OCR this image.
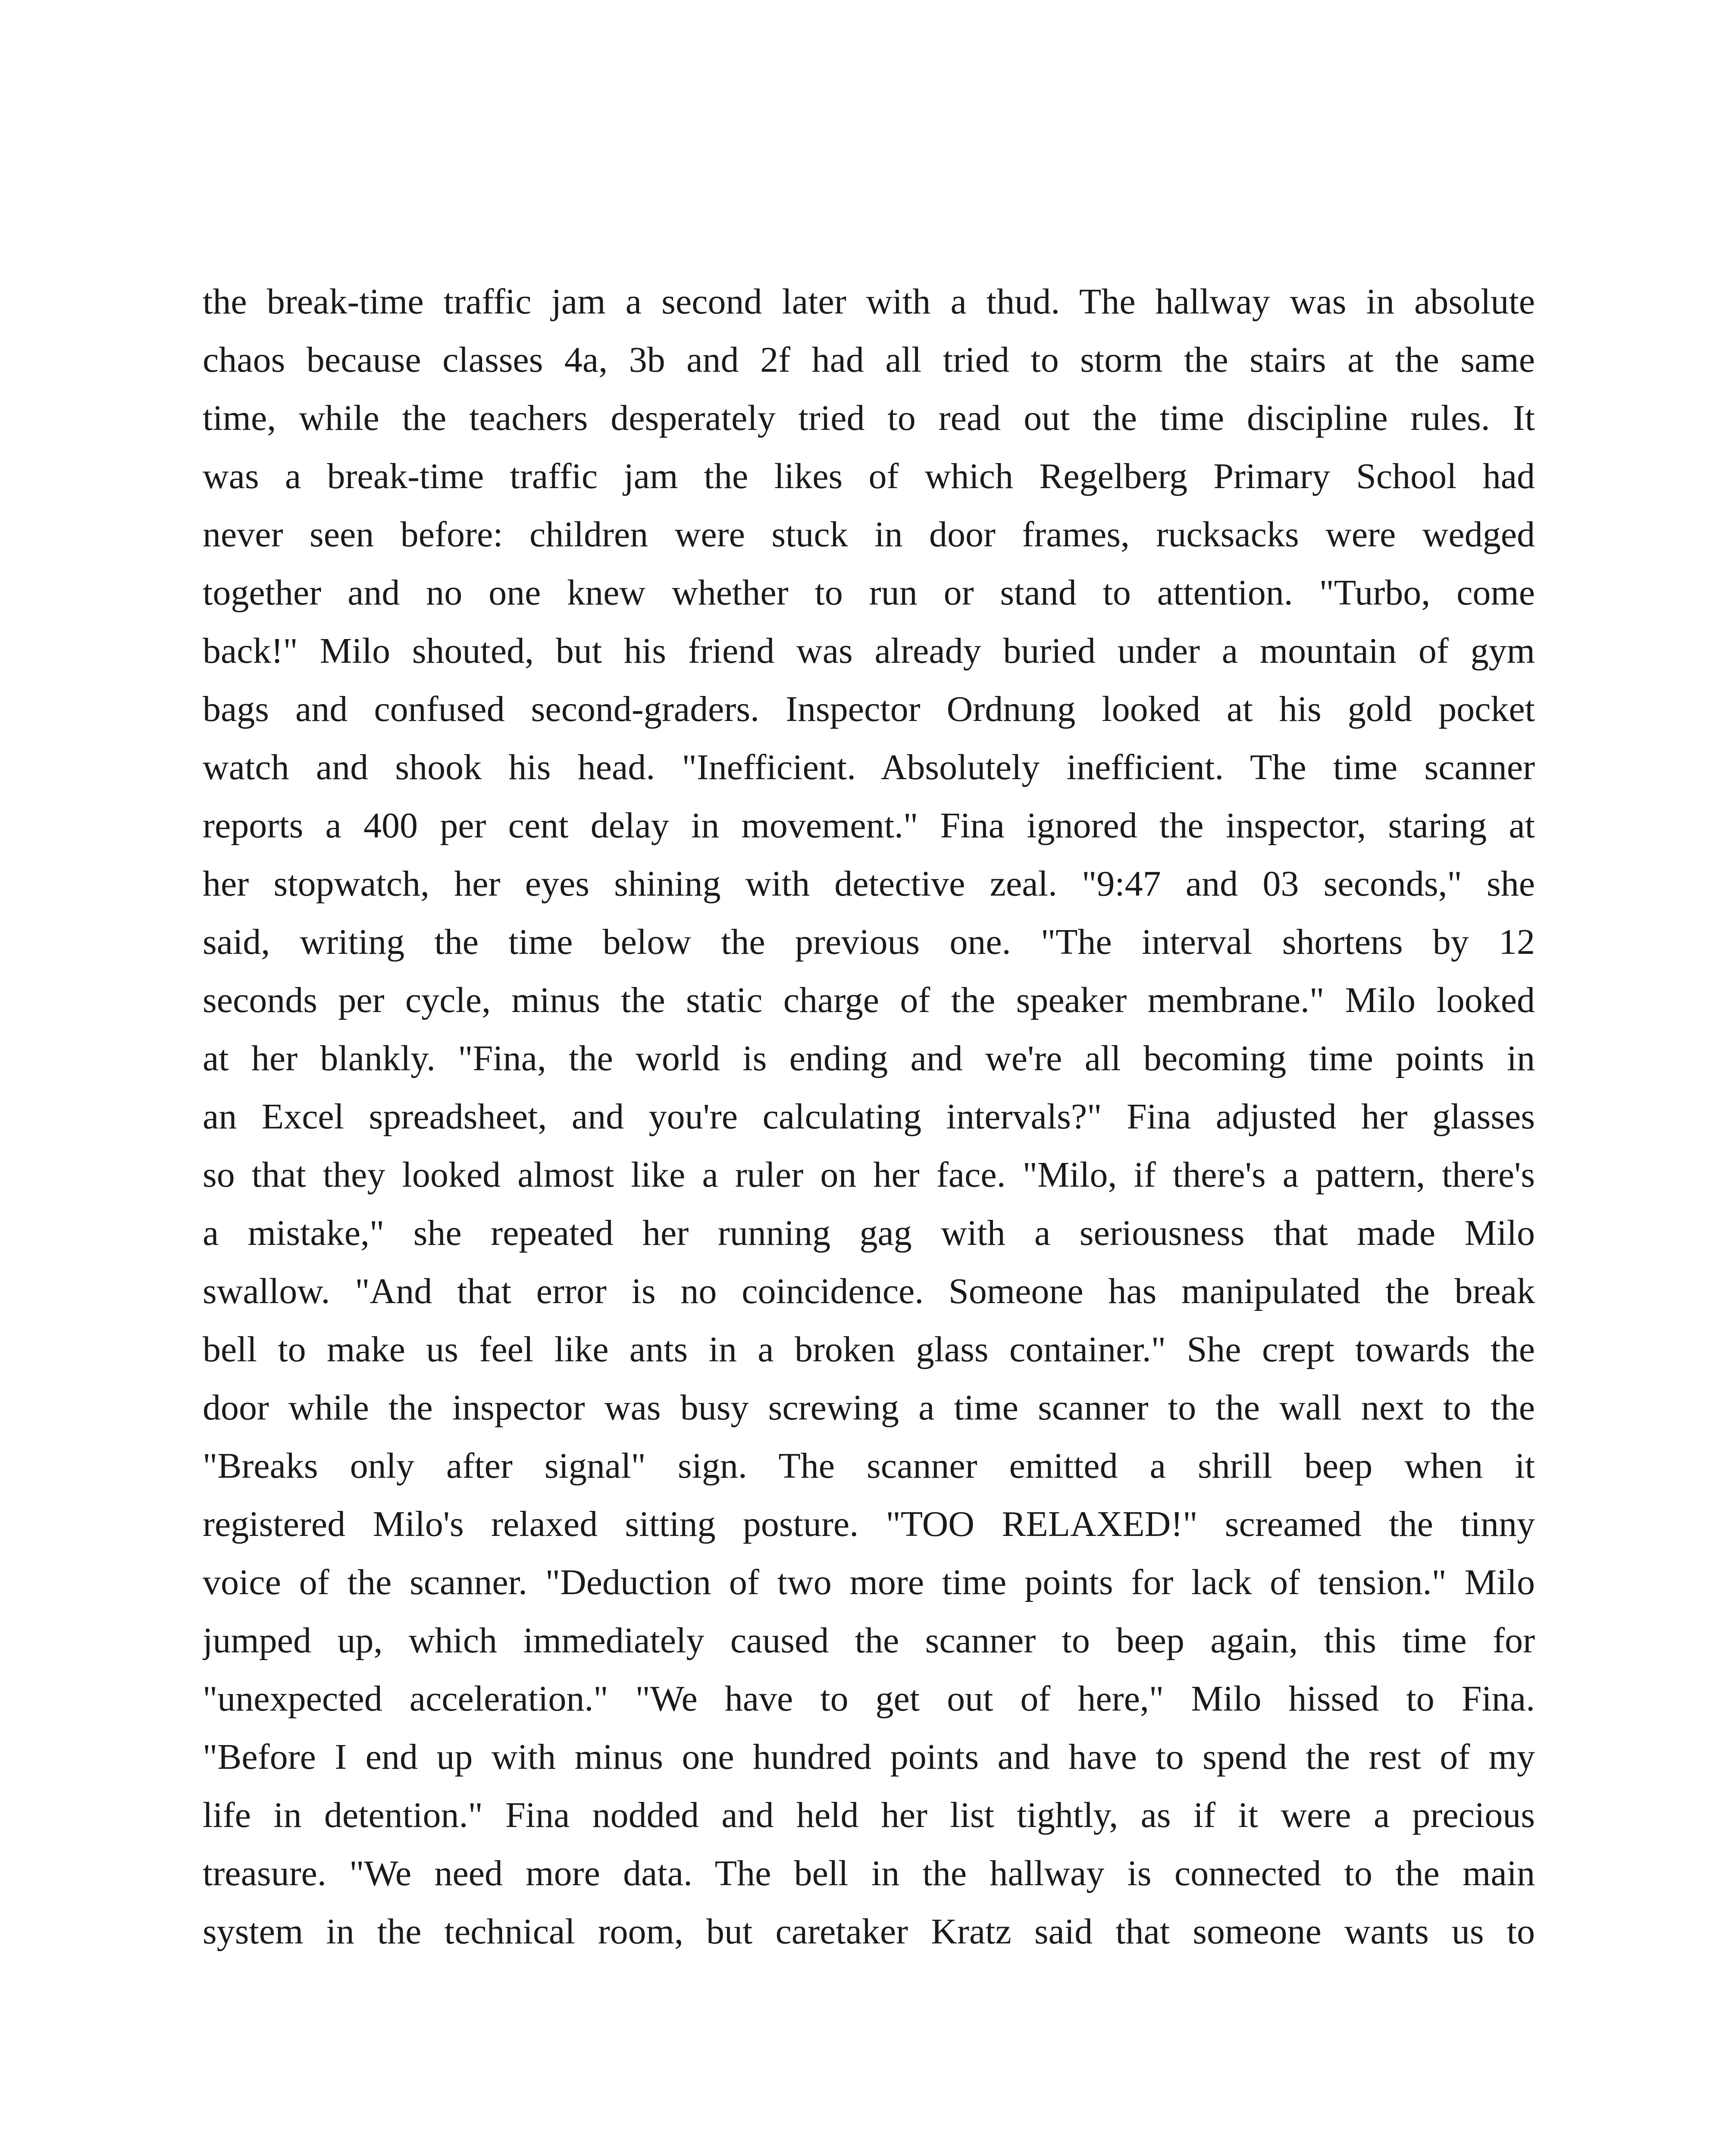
the break-time traffic jam a second later with a thud. The hallway was in absolute
chaos because classes 4a, 3b and 2f had all tried to storm the stairs at the same
time, while the teachers desperately tried to read out the time discipline rules. It
was a break-time traffic jam the likes of which Regelberg Primary School had
never seen before: children were stuck in door frames, rucksacks were wedged
together and no one knew whether to run or stand to attention. "Turbo, come
back!" Milo shouted, but his friend was already buried under a mountain of gym
bags and confused second-graders. Inspector Ordnung looked at his gold pocket
watch and shook his head. "Inefficient. Absolutely inefficient. The time scanner
reports a 400 per cent delay in movement." Fina ignored the inspector, staring at
her stopwatch, her eyes shining with detective zeal. "9:47 and 03 seconds," she
said, writing the time below the previous one. "The interval shortens by 12
seconds per cycle, minus the static charge of the speaker membrane." Milo looked
at her blankly. "Fina, the world is ending and we're all becoming time points in
an Excel spreadsheet, and you're calculating intervals?" Fina adjusted her glasses
so that they looked almost like a ruler on her face. "Milo, if there's a pattern, there's
a mistake," she repeated her running gag with a seriousness that made Milo
swallow. "And that error is no coincidence. Someone has manipulated the break
bell to make us feel like ants in a broken glass container." She crept towards the
door while the inspector was busy screwing a time scanner to the wall next to the
"Breaks only after signal" sign. The scanner emitted a shrill beep when it
registered Milo's relaxed sitting posture. "TOO RELAXED!" screamed the tinny
voice of the scanner. "Deduction of two more time points for lack of tension." Milo
jumped up, which immediately caused the scanner to beep again, this time for
"unexpected acceleration." "We have to get out of here," Milo hissed to Fina.
"Before I end up with minus one hundred points and have to spend the rest of my
life in detention." Fina nodded and held her list tightly, as if it were a precious
treasure. "We need more data. The bell in the hallway is connected to the main
system in the technical room, but caretaker Kratz said that someone wants us to
